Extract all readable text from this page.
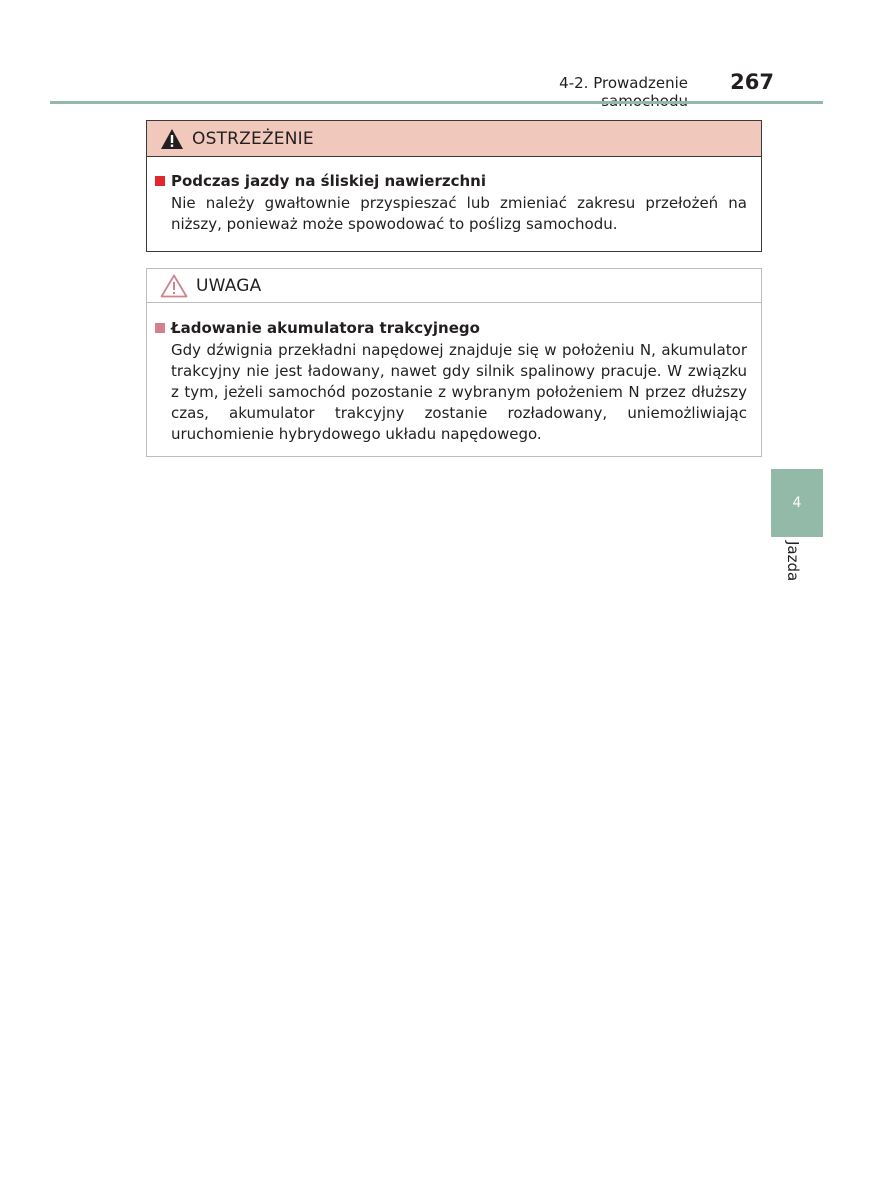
4-2. Prowadzenie	267
OSTRZEŻENIE
Podczas jazdy na śliskiej nawierzchni
Nie należy gwałtownie przyspieszać lub zmieniać zakresu przełożeń na niższy, ponieważ może spowodować to poślizg samochodu.
UWAGA
Ładowanie akumulatora trakcyjnego
Gdy dźwignia przekładni napędowej znajduje się w położeniu N, akumulator trakcyjny nie jest ładowany, nawet gdy silnik spalinowy pracuje. W związku z tym, jeżeli samochód pozostanie z wybranym położeniem N przez dłuższy czas, akumulator trakcyjny zostanie rozładowany, uniemożliwiając uruchomienie hybrydowego układu napędowego.
4
Jazda
